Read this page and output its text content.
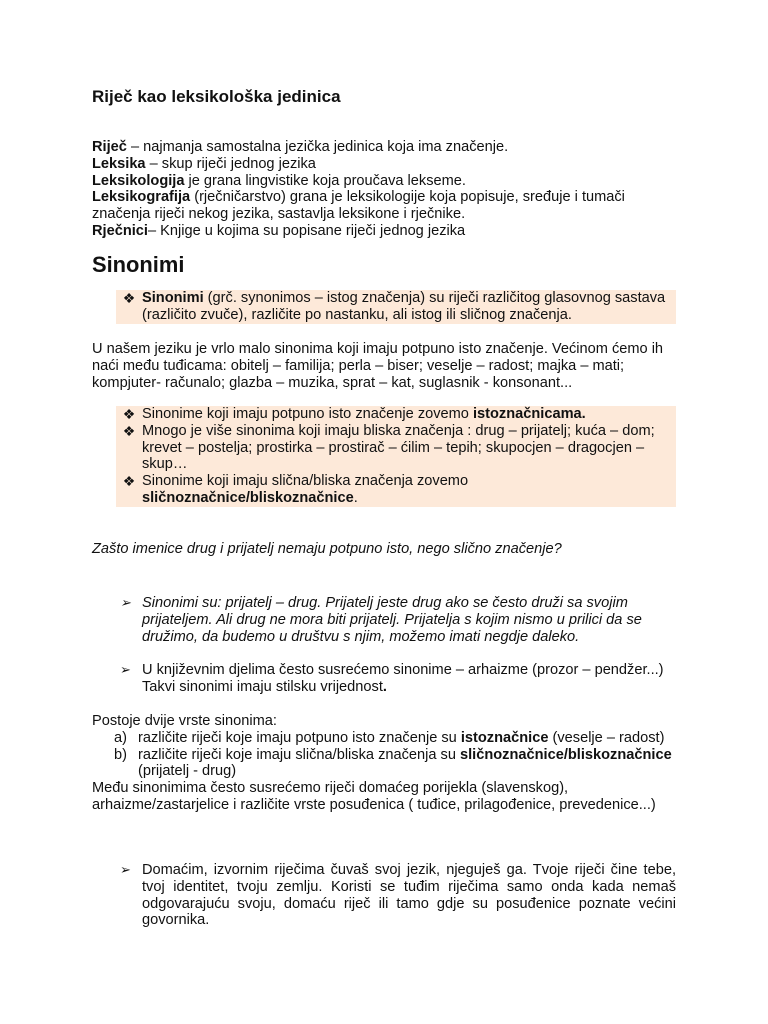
Riječ kao leksikološka jedinica

Riječ – najmanja samostalna jezička jedinica koja ima značenje.

Leksika – skup riječi jednog jezika

Leksikologija je grana lingvistike koja proučava lekseme.

Leksikografija (rječničarstvo) grana je leksikologije koja popisuje, sređuje i tumači značenja riječi nekog jezika, sastavlja leksikone i rječnike.

Rječnici– Knjige u kojima su popisane riječi jednog jezika

Sinonimi

❖ Sinonimi (grč. synonimos – istog značenja) su riječi različitog glasovnog sastava (različito zvuče), različite po nastanku, ali istog ili sličnog značenja.

U našem jeziku je vrlo malo sinonima koji imaju potpuno isto značenje. Većinom ćemo ih naći među tuđicama: obitelj – familija; perla – biser; veselje – radost; majka – mati; kompjuter- računalo; glazba – muzika, sprat – kat, suglasnik - konsonant...

❖ Sinonime koji imaju potpuno isto značenje zovemo istoznačnicama.

❖ Mnogo je više sinonima koji imaju bliska značenja : drug – prijatelj; kuća – dom; krevet – postelja; prostirka – prostirač – ćilim – tepih; skupocjen – dragocjen – skup…

❖ Sinonime koji imaju slična/bliska značenja zovemo sličnoznačnice/bliskoznačnice.

Zašto imenice drug i prijatelj nemaju potpuno isto, nego slično značenje?

➢ Sinonimi su: prijatelj – drug. Prijatelj jeste drug ako se često druži sa svojim prijateljem. Ali drug ne mora biti prijatelj. Prijatelja s kojim nismo u prilici da se družimo, da budemo u društvu s njim, možemo imati negdje daleko.

➢ U književnim djelima često susrećemo sinonime – arhaizme (prozor – pendžer...) Takvi sinonimi imaju stilsku vrijednost.

Postoje dvije vrste sinonima:

a) različite riječi koje imaju potpuno isto značenje su istoznačnice (veselje – radost)

b) različite riječi koje imaju slična/bliska značenja su sličnoznačnice/bliskoznačnice (prijatelj - drug)

Među sinonimima često susrećemo riječi domaćeg porijekla (slavenskog), arhaizme/zastarjelice i različite vrste posuđenica ( tuđice, prilagođenice, prevedenice...)

➢ Domaćim, izvornim riječima čuvaš svoj jezik, njeguješ ga. Tvoje riječi čine tebe, tvoj identitet, tvoju zemlju. Koristi se tuđim riječima samo onda kada nemaš odgovarajuću svoju, domaću riječ ili tamo gdje su posuđenice poznate većini govornika.
